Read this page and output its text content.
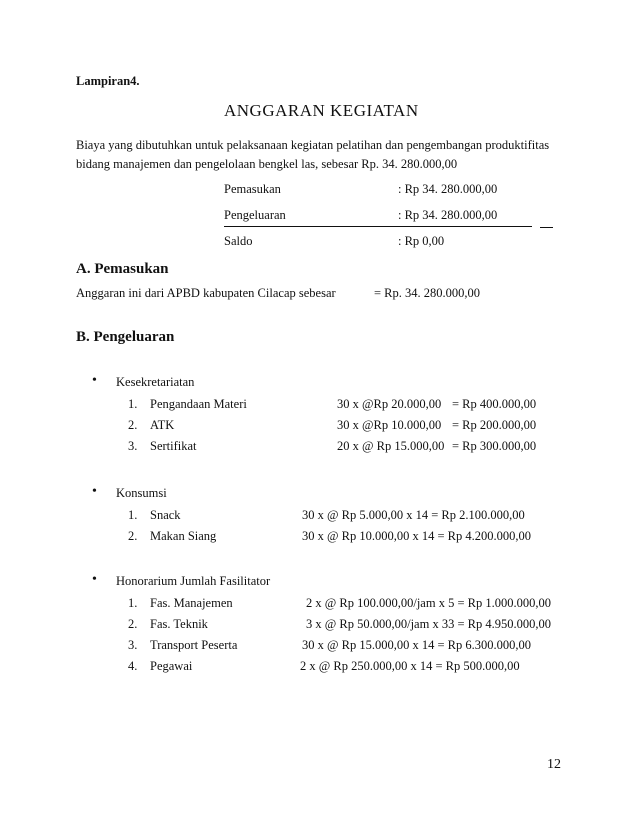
Lampiran4.
ANGGARAN KEGIATAN
Biaya yang dibutuhkan untuk pelaksanaan kegiatan pelatihan dan pengembangan produktifitas
bidang manajemen dan pengelolaan bengkel las, sebesar Rp. 34. 280.000,00
Pemasukan	: Rp 34. 280.000,00
Pengeluaran	: Rp 34. 280.000,00
Saldo	: Rp 0,00
A. Pemasukan
Anggaran ini dari APBD kabupaten Cilacap sebesar	= Rp. 34. 280.000,00
B. Pengeluaran
• Kesekretariatan
1. Pengandaan Materi	30 x @Rp 20.000,00 = Rp 400.000,00
2. ATK	30 x @Rp 10.000,00 = Rp 200.000,00
3. Sertifikat	20 x @ Rp 15.000,00 = Rp 300.000,00
• Konsumsi
1. Snack	30 x @ Rp 5.000,00 x 14 = Rp 2.100.000,00
2. Makan Siang	30 x @ Rp 10.000,00 x 14 = Rp 4.200.000,00
• Honorarium Jumlah Fasilitator
1. Fas. Manajemen	2 x @ Rp 100.000,00/jam x 5 = Rp 1.000.000,00
2. Fas. Teknik	3 x @ Rp 50.000,00/jam x 33 = Rp 4.950.000,00
3. Transport Peserta	30 x @ Rp 15.000,00 x 14 = Rp 6.300.000,00
4. Pegawai	2 x @ Rp 250.000,00 x 14 = Rp 500.000,00
12
